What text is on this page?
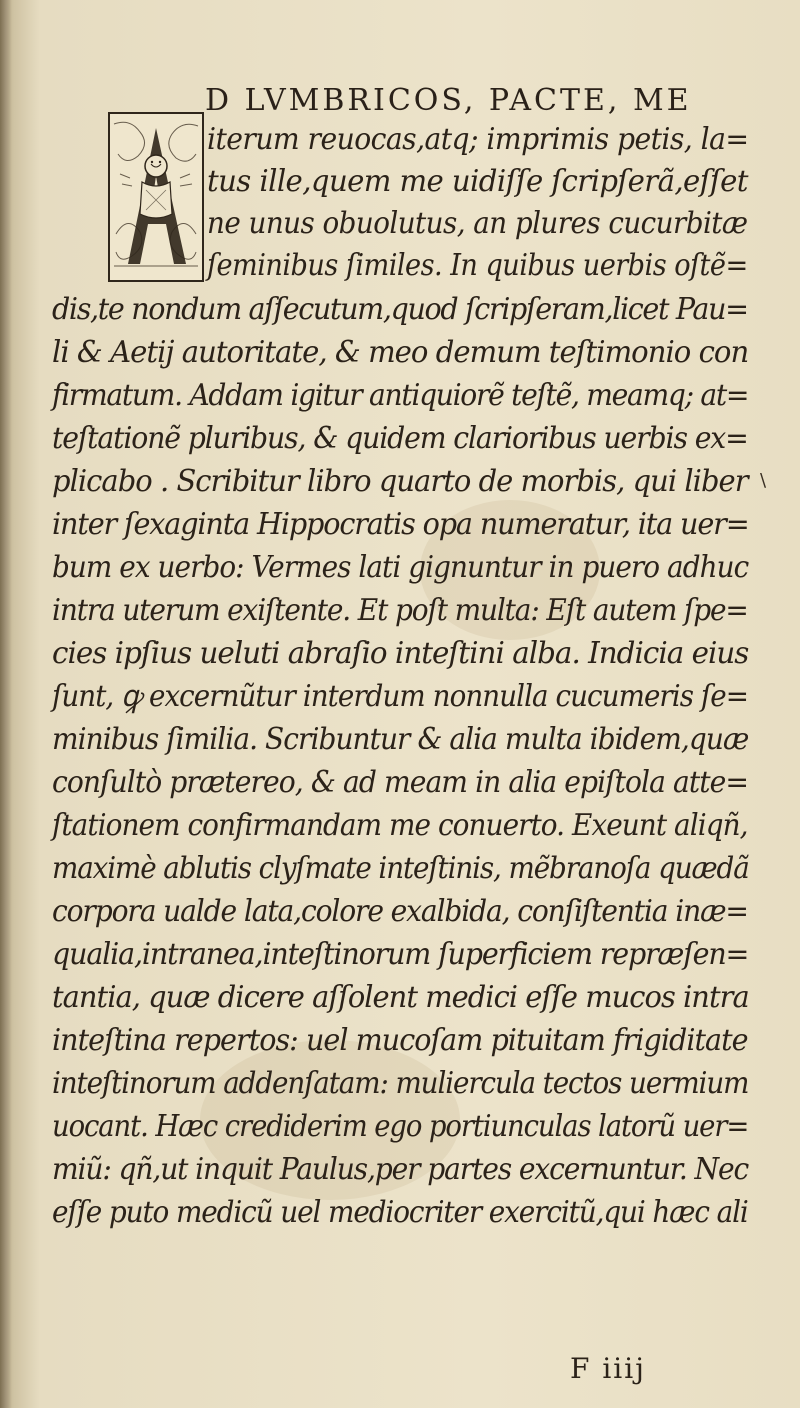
D LVMBRICOS, PACTE, ME
iterum reuocas,atq; imprimis petis, la=
tus ille,quem me uidiſſe ſcripſerã,eſſet
ne unus obuolutus, an plures cucurbitæ
ſeminibus ſimiles. In quibus uerbis oſtẽ=
dis,te nondum aſſecutum,quod ſcripſeram,licet Pau=
li & Aetij autoritate, & meo demum teſtimonio con
firmatum. Addam igitur antiquiorẽ teſtẽ, meamq; at=
teſtationẽ pluribus, & quidem clarioribus uerbis ex=
plicabo . Scribitur libro quarto de morbis, qui liber
inter ſexaginta Hippocratis opa numeratur, ita uer=
bum ex uerbo: Vermes lati gignuntur in puero adhuc
intra uterum exiſtente. Et poſt multa: Eſt autem ſpe=
cies ipſius ueluti abraſio inteſtini alba. Indicia eius
ſunt, ꝙ excernũtur interdum nonnulla cucumeris ſe=
minibus ſimilia. Scribuntur & alia multa ibidem,quæ
conſultò prætereo, & ad meam in alia epiſtola atte=
ſtationem confirmandam me conuerto. Exeunt aliqñ,
maximè ablutis clyſmate inteſtinis, mẽbranoſa quædã
corpora ualde lata,colore exalbida, conſiſtentia inæ=
qualia,intranea,inteſtinorum ſuperficiem repræſen=
tantia, quæ dicere aſſolent medici eſſe mucos intra
inteſtina repertos: uel mucoſam pituitam frigiditate
inteſtinorum addenſatam: muliercula tectos uermium
uocant. Hæc crediderim ego portiunculas latorũ uer=
miũ: qñ,ut inquit Paulus,per partes excernuntur. Nec
eſſe puto medicũ uel mediocriter exercitũ,qui hæc ali
F iiij
\
